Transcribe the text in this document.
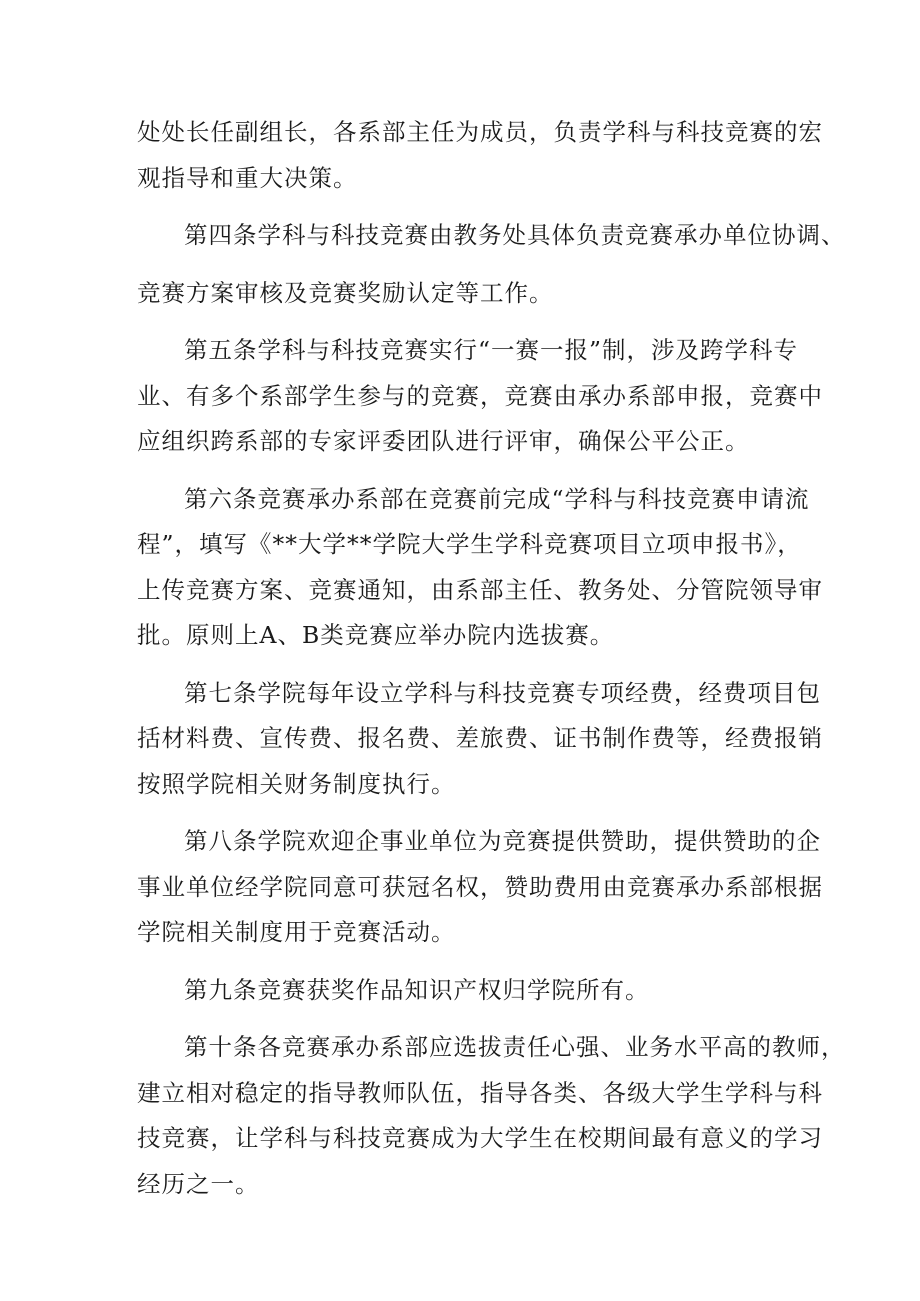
处处长任副组长，各系部主任为成员，负责学科与科技竞赛的宏
观指导和重大决策。
第四条学科与科技竞赛由教务处具体负责竞赛承办单位协调、
竞赛方案审核及竞赛奖励认定等工作。
第五条学科与科技竞赛实行“一赛一报”制，涉及跨学科专
业、有多个系部学生参与的竞赛，竞赛由承办系部申报，竞赛中
应组织跨系部的专家评委团队进行评审，确保公平公正。
第六条竞赛承办系部在竞赛前完成“学科与科技竞赛申请流
程”，填写《**大学**学院大学生学科竞赛项目立项申报书》，
上传竞赛方案、竞赛通知，由系部主任、教务处、分管院领导审
批。原则上A、B类竞赛应举办院内选拔赛。
第七条学院每年设立学科与科技竞赛专项经费，经费项目包
括材料费、宣传费、报名费、差旅费、证书制作费等，经费报销
按照学院相关财务制度执行。
第八条学院欢迎企事业单位为竞赛提供赞助，提供赞助的企
事业单位经学院同意可获冠名权，赞助费用由竞赛承办系部根据
学院相关制度用于竞赛活动。
第九条竞赛获奖作品知识产权归学院所有。
第十条各竞赛承办系部应选拔责任心强、业务水平高的教师，
建立相对稳定的指导教师队伍，指导各类、各级大学生学科与科
技竞赛，让学科与科技竞赛成为大学生在校期间最有意义的学习
经历之一。
